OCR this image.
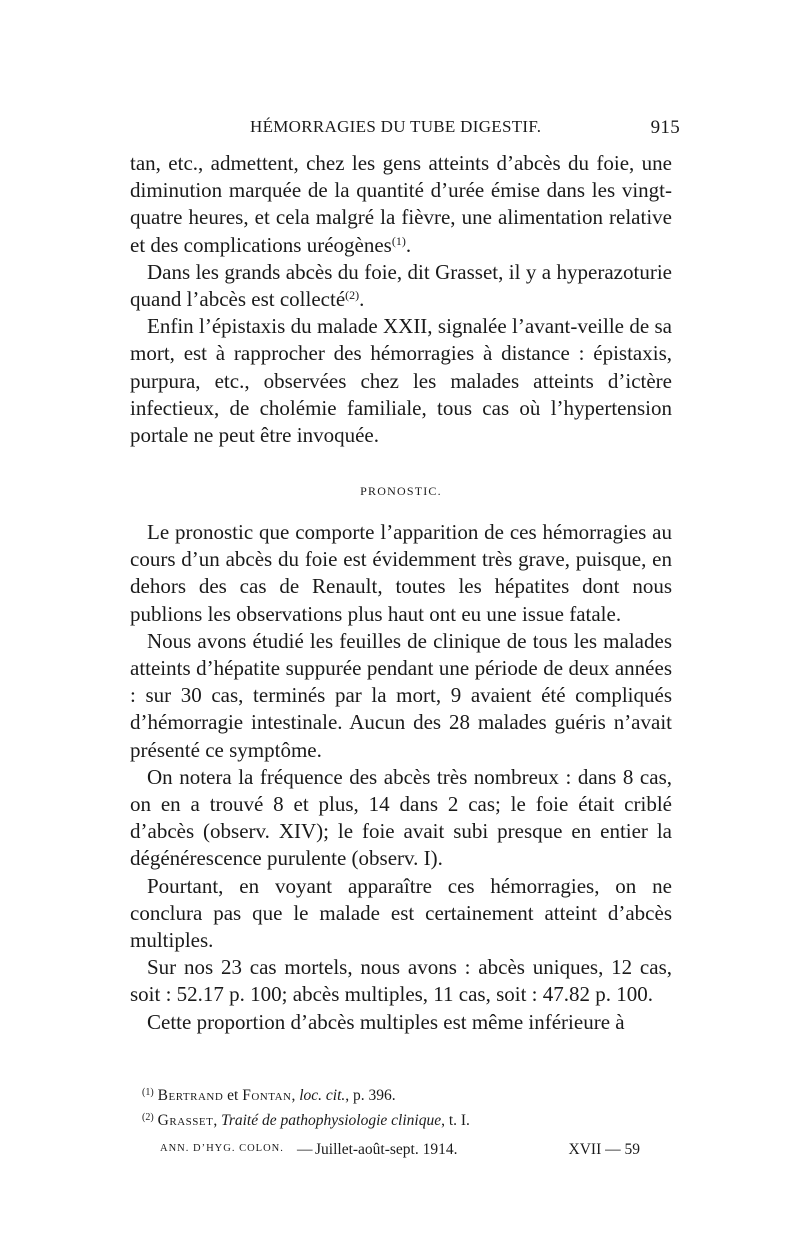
HÉMORRAGIES DU TUBE DIGESTIF.	915

tan, etc., admettent, chez les gens atteints d’abcès du foie, une diminution marquée de la quantité d’urée émise dans les vingt-quatre heures, et cela malgré la fièvre, une alimentation relative et des complications uréogènes$^{(1)}$.

Dans les grands abcès du foie, dit Grasset, il y a hyperazoturie quand l’abcès est collecté$^{(2)}$.

Enfin l’épistaxis du malade XXII, signalée l’avant-veille de sa mort, est à rapprocher des hémorragies à distance : épistaxis, purpura, etc., observées chez les malades atteints d’ictère infectieux, de cholémie familiale, tous cas où l’hypertension portale ne peut être invoquée.

PRONOSTIC.

Le pronostic que comporte l’apparition de ces hémorragies au cours d’un abcès du foie est évidemment très grave, puisque, en dehors des cas de Renault, toutes les hépatites dont nous publions les observations plus haut ont eu une issue fatale.

Nous avons étudié les feuilles de clinique de tous les malades atteints d’hépatite suppurée pendant une période de deux années : sur 30 cas, terminés par la mort, 9 avaient été compliqués d’hémorragie intestinale. Aucun des 28 malades guéris n’avait présenté ce symptôme.

On notera la fréquence des abcès très nombreux : dans 8 cas, on en a trouvé 8 et plus, 14 dans 2 cas; le foie était criblé d’abcès (observ. XIV); le foie avait subi presque en entier la dégénérescence purulente (observ. I).

Pourtant, en voyant apparaître ces hémorragies, on ne conclura pas que le malade est certainement atteint d’abcès multiples.

Sur nos 23 cas mortels, nous avons : abcès uniques, 12 cas, soit : 52.17 p. 100; abcès multiples, 11 cas, soit : 47.82 p. 100.

Cette proportion d’abcès multiples est même inférieure à

$^{(1)}$ Bertrand et Fontan, loc. cit., p. 396.
$^{(2)}$ Grasset, Traité de pathophysiologie clinique, t. I.
ANN. D’HYG. COLON. — Juillet-août-sept. 1914.	XVII — 59
